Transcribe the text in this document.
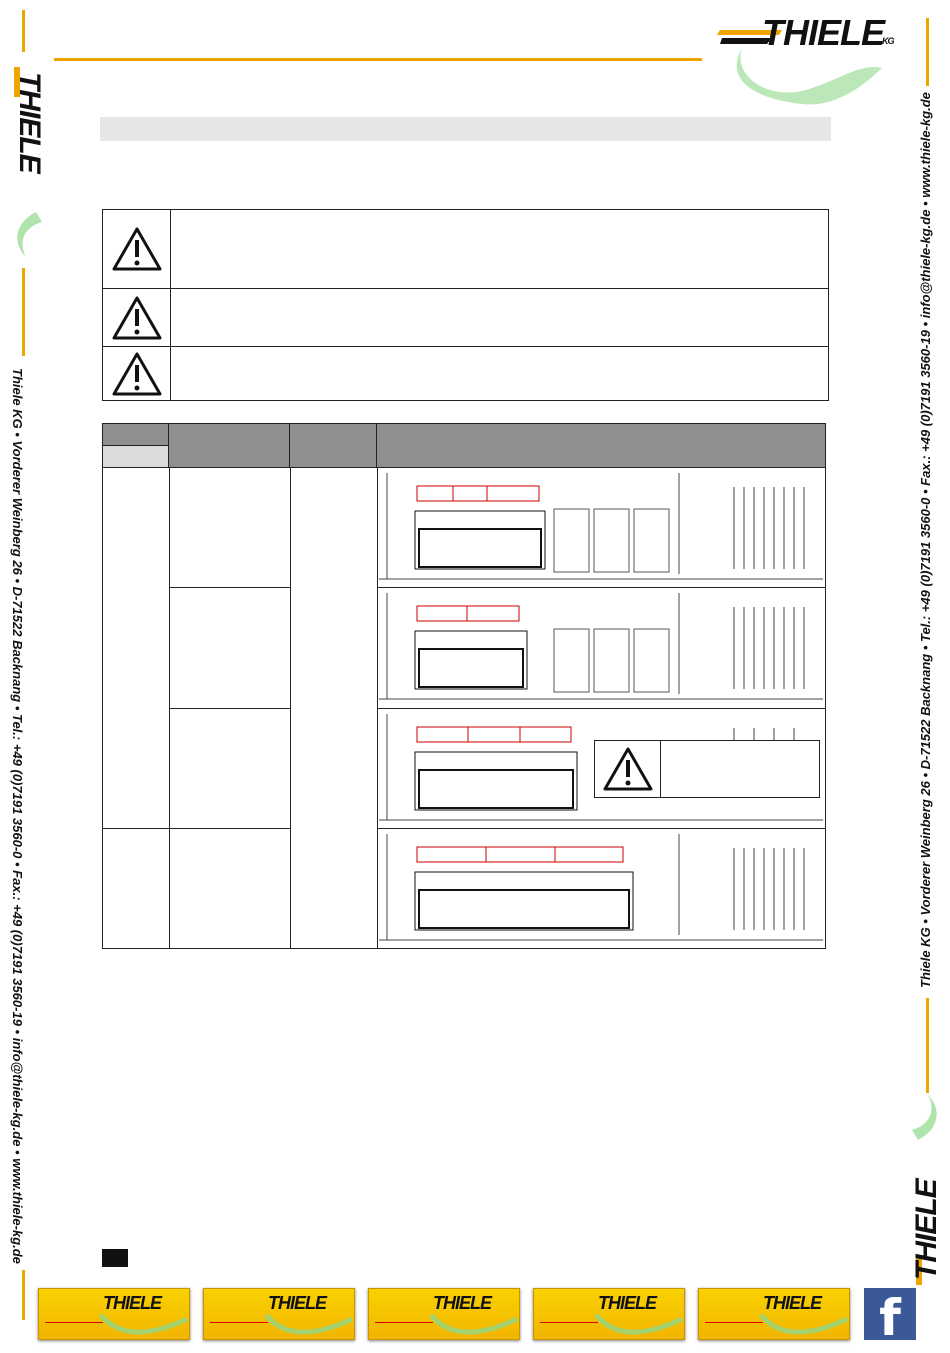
THIELE
KG
THIELE
THIELE
Thiele KG • Vorderer Weinberg 26 • D-71522 Backnang • Tel.: +49 (0)7191 3560-0 • Fax.: +49 (0)7191 3560-19 • info@thiele-kg.de • www.thiele-kg.de	Thiele KG • Vorderer Weinberg 26 • D-71522 Backnang • Tel.: +49 (0)7191 3560-0 • Fax.: +49 (0)7191 3560-19 • info@thiele-kg.de • www.thiele-kg.de
THIELE	THIELE	THIELE	THIELE	THIELE	f
